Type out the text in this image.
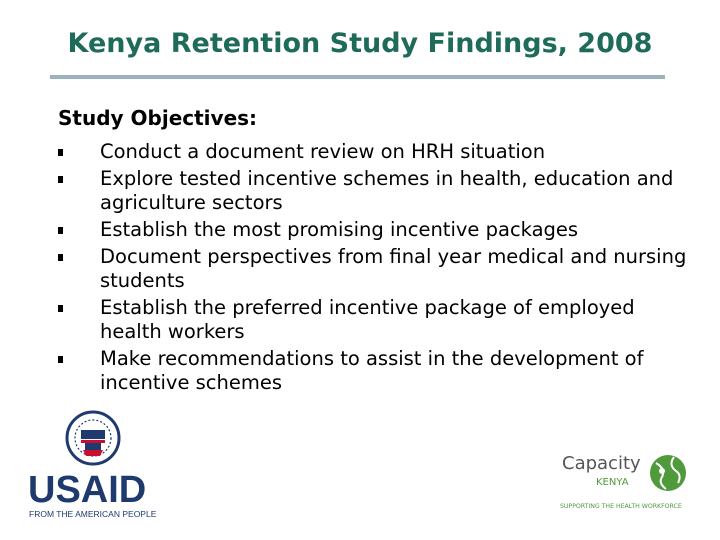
Kenya Retention Study Findings, 2008
Study Objectives:
Conduct a document review on HRH situation
Explore tested incentive schemes in health, education and agriculture sectors
Establish the most promising incentive packages
Document perspectives from final year medical and nursing students
Establish the preferred incentive package of employed health workers
Make recommendations to assist in the development of incentive schemes
USAID
FROM THE AMERICAN PEOPLE
Capacity
KENYA
SUPPORTING THE HEALTH WORKFORCE
